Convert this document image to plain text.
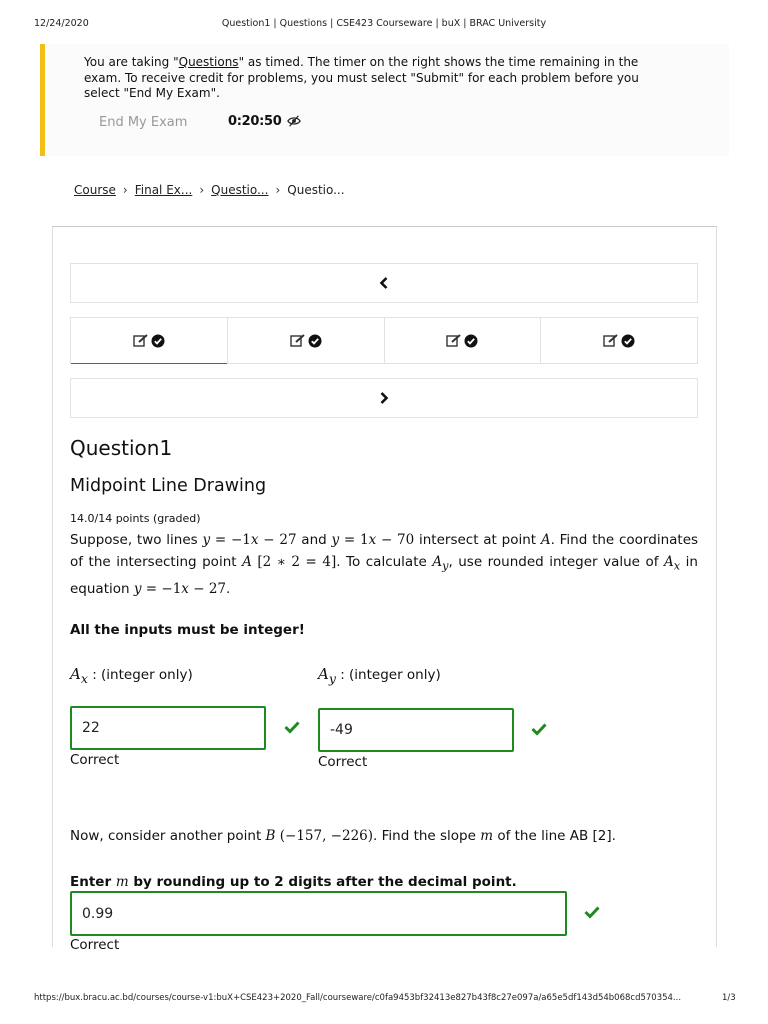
12/24/2020	Question1 | Questions | CSE423 Courseware | buX | BRAC University
You are taking "Questions" as timed. The timer on the right shows the time remaining in the exam. To receive credit for problems, you must select "Submit" for each problem before you select "End My Exam".
End My Exam	0:20:50
Course › Final Ex... › Questio... › Questio...
Question1
Midpoint Line Drawing
14.0/14 points (graded)
Suppose, two lines y = −1x − 27 and y = 1x − 70 intersect at point A. Find the coordinates of the intersecting point A [2 ∗ 2 = 4]. To calculate $A_y$, use rounded integer value of $A_x$ in equation y = −1x − 27.
All the inputs must be integer!
$A_x$ : (integer only)	$A_y$ : (integer only)
22
Correct
-49
Correct
Now, consider another point B (−157, −226). Find the slope m of the line AB [2].
Enter m by rounding up to 2 digits after the decimal point.
0.99
Correct
https://bux.bracu.ac.bd/courses/course-v1:buX+CSE423+2020_Fall/courseware/c0fa9453bf32413e827b43f8c27e097a/a65e5df143d54b068cd570354...	1/3
